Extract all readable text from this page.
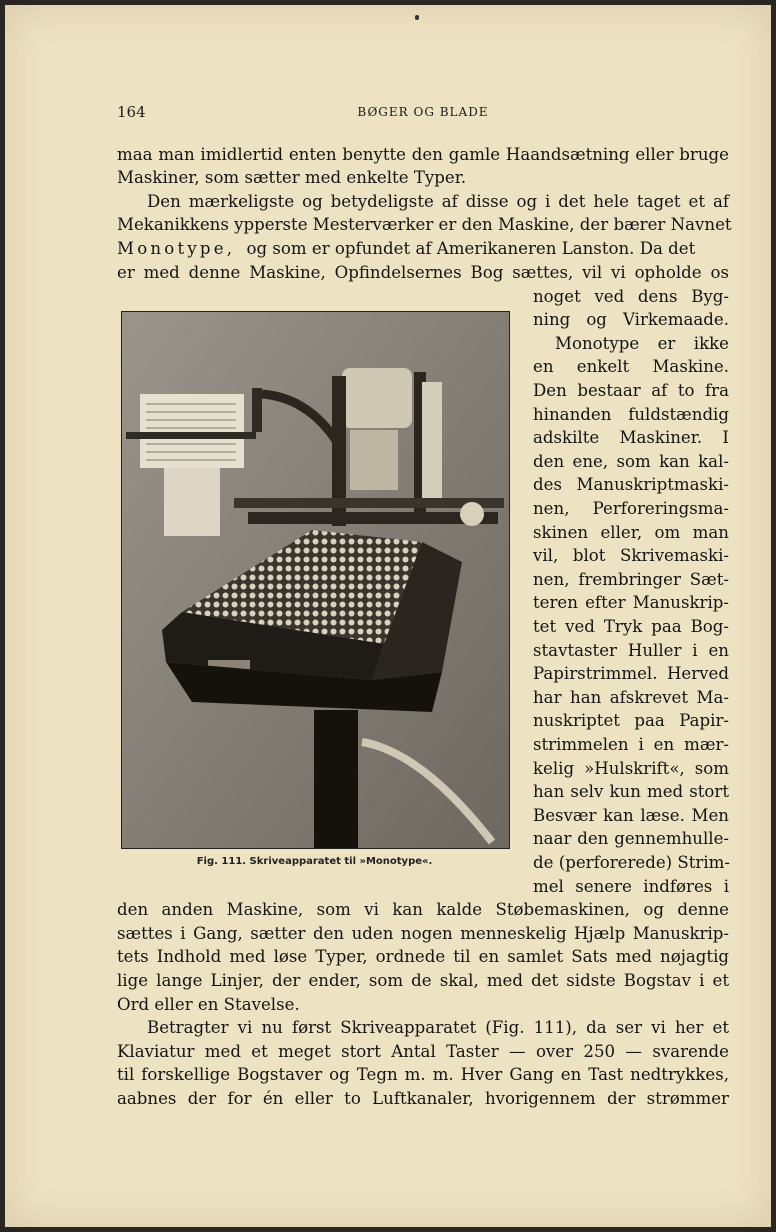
164	BØGER OG BLADE
maa man imidlertid enten benytte den gamle Haandsætning eller bruge
Maskiner, som sætter med enkelte Typer.
Den mærkeligste og betydeligste af disse og i det hele taget et af
Mekanikkens ypperste Mesterværker er den Maskine, der bærer Navnet
Monotype, og som er opfundet af Amerikaneren Lanston. Da det
er med denne Maskine, Opfindelsernes Bog sættes, vil vi opholde os
Fig. 111. Skriveapparatet til »Monotype«.
noget ved dens Byg-
ning og Virkemaade.
Monotype er ikke
en enkelt Maskine.
Den bestaar af to fra
hinanden fuldstændig
adskilte Maskiner. I
den ene, som kan kal-
des Manuskriptmaski-
nen, Perforeringsma-
skinen eller, om man
vil, blot Skrivemaski-
nen, frembringer Sæt-
teren efter Manuskrip-
tet ved Tryk paa Bog-
stavtaster Huller i en
Papirstrimmel. Herved
har han afskrevet Ma-
nuskriptet paa Papir-
strimmelen i en mær-
kelig »Hulskrift«, som
han selv kun med stort
Besvær kan læse. Men
naar den gennemhulle-
de (perforerede) Strim-
mel senere indføres i
den anden Maskine, som vi kan kalde Støbemaskinen, og denne
sættes i Gang, sætter den uden nogen menneskelig Hjælp Manuskrip-
tets Indhold med løse Typer, ordnede til en samlet Sats med nøjagtig
lige lange Linjer, der ender, som de skal, med det sidste Bogstav i et
Ord eller en Stavelse.
Betragter vi nu først Skriveapparatet (Fig. 111), da ser vi her et
Klaviatur med et meget stort Antal Taster — over 250 — svarende
til forskellige Bogstaver og Tegn m. m. Hver Gang en Tast nedtrykkes,
aabnes der for én eller to Luftkanaler, hvorigennem der strømmer
